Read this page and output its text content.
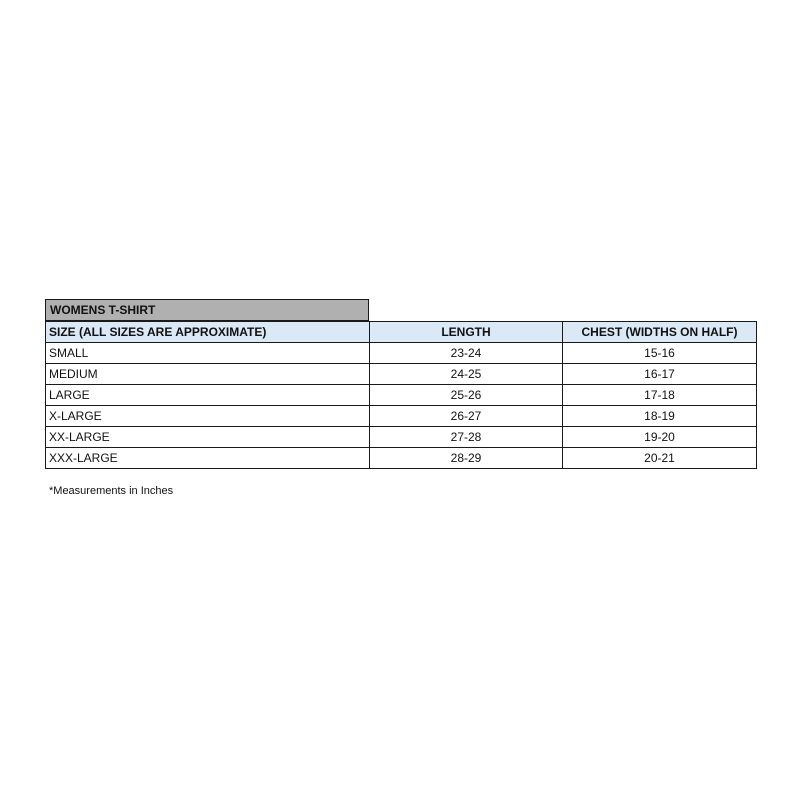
WOMENS T-SHIRT
SIZE (ALL SIZES ARE APPROXIMATE)	LENGTH	CHEST (WIDTHS ON HALF)
SMALL	23-24	15-16
MEDIUM	24-25	16-17
LARGE	25-26	17-18
X-LARGE	26-27	18-19
XX-LARGE	27-28	19-20
XXX-LARGE	28-29	20-21
*Measurements in Inches
